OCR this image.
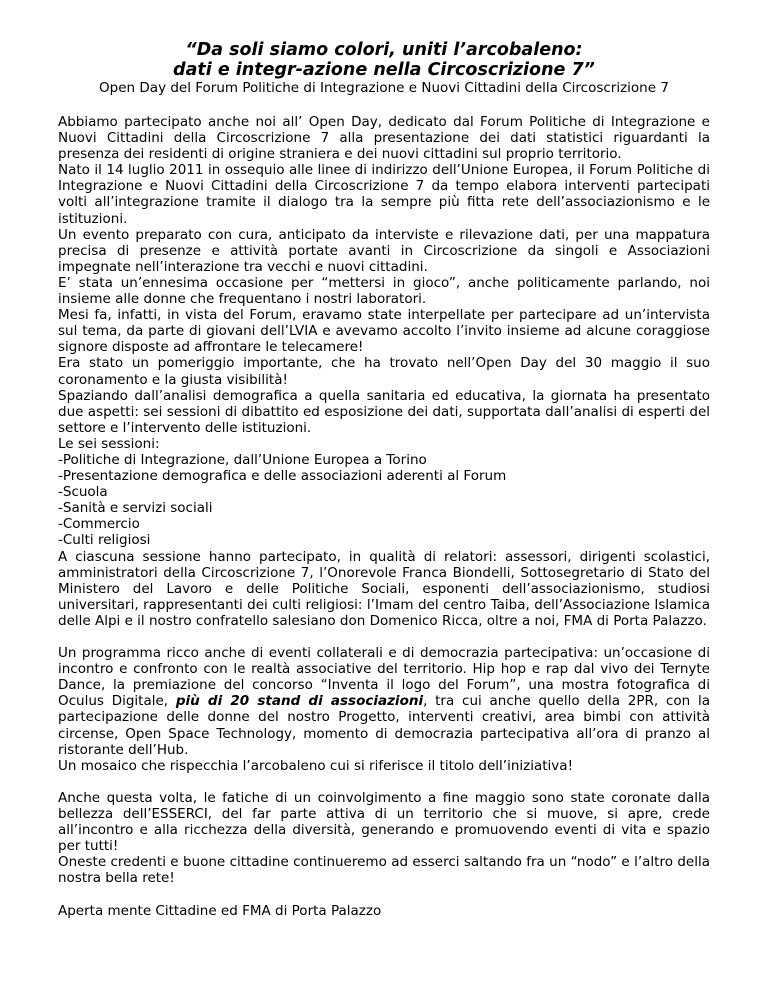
“Da soli siamo colori, uniti l’arcobaleno:

dati e integr-azione nella Circoscrizione 7”

Open Day del Forum Politiche di Integrazione e Nuovi Cittadini della Circoscrizione 7

Abbiamo partecipato anche noi all’ Open Day, dedicato dal Forum Politiche di Integrazione e Nuovi Cittadini della Circoscrizione 7 alla presentazione dei dati statistici riguardanti la presenza dei residenti di origine straniera e dei nuovi cittadini sul proprio territorio.

Nato il 14 luglio 2011 in ossequio alle linee di indirizzo dell’Unione Europea, il Forum Politiche di Integrazione e Nuovi Cittadini della Circoscrizione 7 da tempo elabora interventi partecipati volti all’integrazione tramite il dialogo tra la sempre più fitta rete dell’associazionismo e le istituzioni.

Un evento preparato con cura, anticipato da interviste e rilevazione dati, per una mappatura precisa di presenze e attività portate avanti in Circoscrizione da singoli e Associazioni impegnate nell’interazione tra vecchi e nuovi cittadini.

E’ stata un’ennesima occasione per “mettersi in gioco”, anche politicamente parlando, noi insieme alle donne che frequentano i nostri laboratori.

Mesi fa, infatti, in vista del Forum, eravamo state interpellate per partecipare ad un’intervista sul tema, da parte di giovani dell’LVIA e avevamo accolto l’invito insieme ad alcune coraggiose signore disposte ad affrontare le telecamere!

Era stato un pomeriggio importante, che ha trovato nell’Open Day del 30 maggio il suo coronamento e la giusta visibilità!

Spaziando dall’analisi demografica a quella sanitaria ed educativa, la giornata ha presentato due aspetti: sei sessioni di dibattito ed esposizione dei dati, supportata dall’analisi di esperti del settore e l’intervento delle istituzioni.

Le sei sessioni:

-Politiche di Integrazione, dall’Unione Europea a Torino
-Presentazione demografica e delle associazioni aderenti al Forum
-Scuola
-Sanità e servizi sociali
-Commercio
-Culti religiosi

A ciascuna sessione hanno partecipato, in qualità di relatori: assessori, dirigenti scolastici, amministratori della Circoscrizione 7, l’Onorevole Franca Biondelli, Sottosegretario di Stato del Ministero del Lavoro e delle Politiche Sociali, esponenti dell’associazionismo, studiosi universitari, rappresentanti dei culti religiosi: l’Imam del centro Taiba, dell’Associazione Islamica delle Alpi e il nostro confratello salesiano don Domenico Ricca, oltre a noi, FMA di Porta Palazzo.

Un programma ricco anche di eventi collaterali e di democrazia partecipativa: un’occasione di incontro e confronto con le realtà associative del territorio. Hip hop e rap dal vivo dei Ternyte Dance, la premiazione del concorso “Inventa il logo del Forum”, una mostra fotografica di Oculus Digitale, più di 20 stand di associazioni, tra cui anche quello della 2PR, con la partecipazione delle donne del nostro Progetto, interventi creativi, area bimbi con attività circense, Open Space Technology, momento di democrazia partecipativa all’ora di pranzo al ristorante dell’Hub.

Un mosaico che rispecchia l’arcobaleno cui si riferisce il titolo dell’iniziativa!

Anche questa volta, le fatiche di un coinvolgimento a fine maggio sono state coronate dalla bellezza dell’ESSERCI, del far parte attiva di un territorio che si muove, si apre, crede all’incontro e alla ricchezza della diversità, generando e promuovendo eventi di vita e spazio per tutti!

Oneste credenti e buone cittadine continueremo ad esserci saltando fra un “nodo” e l’altro della nostra bella rete!

Aperta mente Cittadine ed FMA di Porta Palazzo
